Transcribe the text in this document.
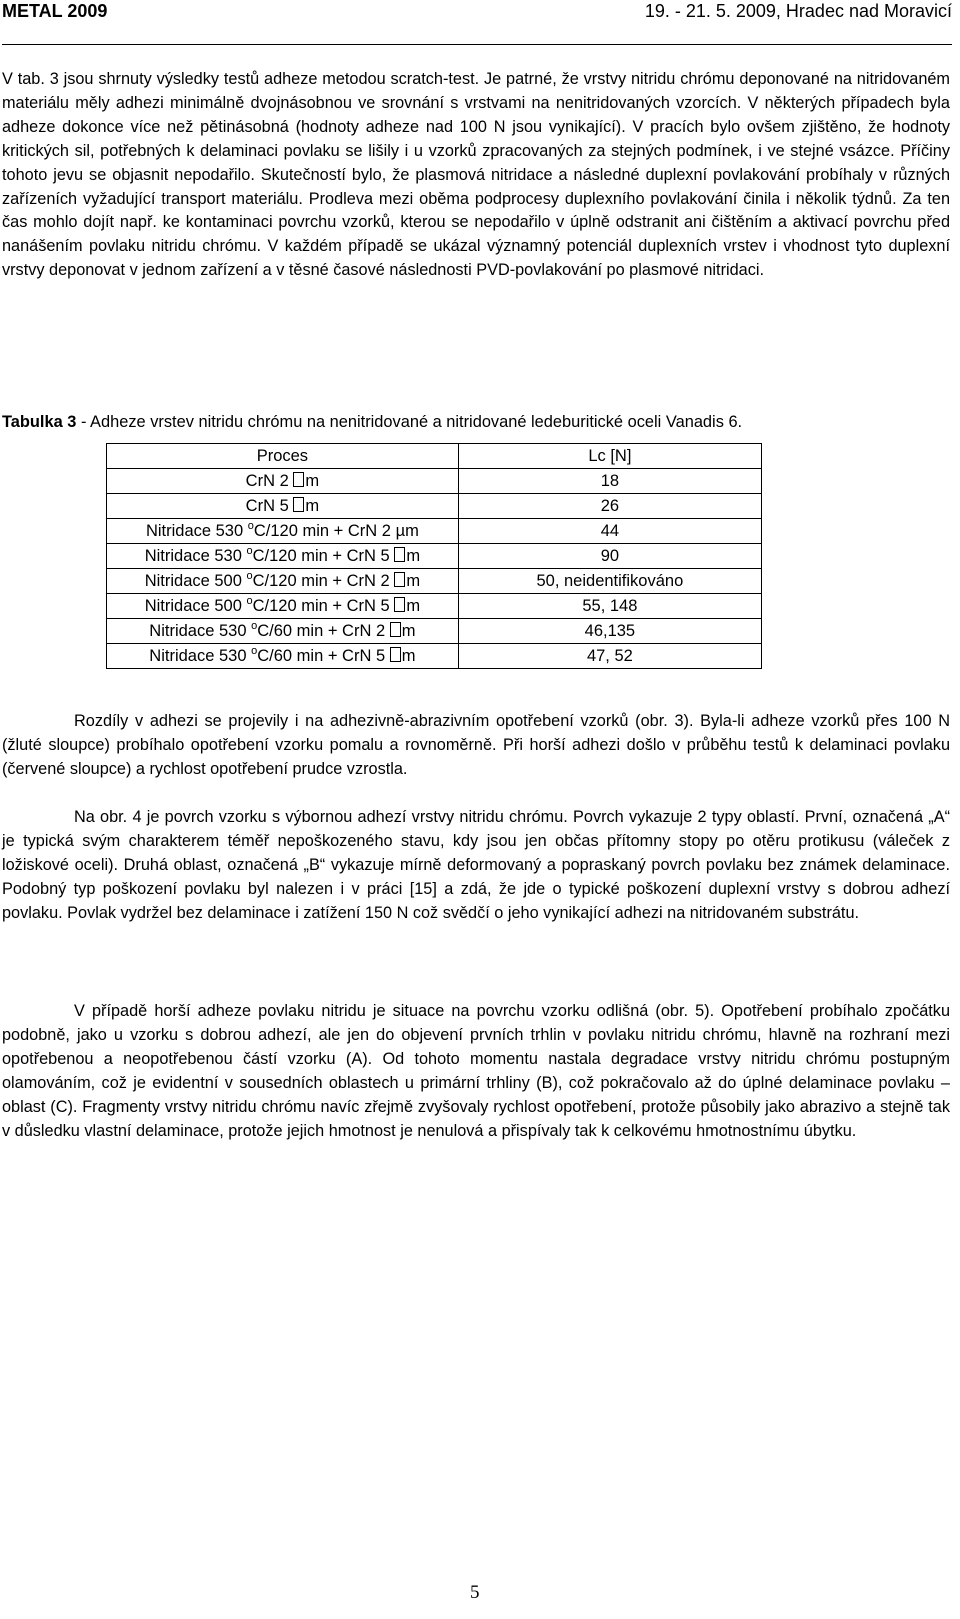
METAL 2009	19. - 21. 5. 2009, Hradec nad Moravicí

V tab. 3 jsou shrnuty výsledky testů adheze metodou scratch-test. Je patrné, že vrstvy nitridu chrómu deponované na nitridovaném materiálu měly adhezi minimálně dvojnásobnou ve srovnání s vrstvami na nenitridovaných vzorcích. V některých případech byla adheze dokonce více než pětinásobná (hodnoty adheze nad 100 N jsou vynikající). V pracích bylo ovšem zjištěno, že hodnoty kritických sil, potřebných k delaminaci povlaku se lišily i u vzorků zpracovaných za stejných podmínek, i ve stejné vsázce. Příčiny tohoto jevu se objasnit nepodařilo. Skutečností bylo, že plasmová nitridace a následné duplexní povlakování probíhaly v různých zařízeních vyžadující transport materiálu. Prodleva mezi oběma podprocesy duplexního povlakování činila i několik týdnů. Za ten čas mohlo dojít např. ke kontaminaci povrchu vzorků, kterou se nepodařilo v úplně odstranit ani čištěním a aktivací povrchu před nanášením povlaku nitridu chrómu. V každém případě se ukázal významný potenciál duplexních vrstev i vhodnost tyto duplexní vrstvy deponovat v jednom zařízení a v těsné časové následnosti PVD-povlakování po plasmové nitridaci.

Tabulka 3 - Adheze vrstev nitridu chrómu na nenitridované a nitridované ledeburitické oceli Vanadis 6.
Proces	Lc [N]
CrN 2 m	18
CrN 5 m	26
Nitridace 530 $^o$C/120 min + CrN 2 µm	44
Nitridace 530 $^o$C/120 min + CrN 5 m	90
Nitridace 500 $^o$C/120 min + CrN 2 m	50, neidentifikováno
Nitridace 500 $^o$C/120 min + CrN 5 m	55, 148
Nitridace 530 $^o$C/60 min + CrN 2 m	46,135
Nitridace 530 $^o$C/60 min + CrN 5 m	47, 52

Rozdíly v adhezi se projevily i na adhezivně-abrazivním opotřebení vzorků (obr. 3). Byla-li adheze vzorků přes 100 N (žluté sloupce) probíhalo opotřebení vzorku pomalu a rovnoměrně. Při horší adhezi došlo v průběhu testů k delaminaci povlaku (červené sloupce) a rychlost opotřebení prudce vzrostla.

Na obr. 4 je povrch vzorku s výbornou adhezí vrstvy nitridu chrómu. Povrch vykazuje 2 typy oblastí. První, označená „A“ je typická svým charakterem téměř nepoškozeného stavu, kdy jsou jen občas přítomny stopy po otěru protikusu (váleček z ložiskové oceli). Druhá oblast, označená „B“ vykazuje mírně deformovaný a popraskaný povrch povlaku bez známek delaminace. Podobný typ poškození povlaku byl nalezen i v práci [15] a zdá, že jde o typické poškození duplexní vrstvy s dobrou adhezí povlaku. Povlak vydržel bez delaminace i zatížení 150 N což svědčí o jeho vynikající adhezi na nitridovaném substrátu.

V případě horší adheze povlaku nitridu je situace na povrchu vzorku odlišná (obr. 5). Opotřebení probíhalo zpočátku podobně, jako u vzorku s dobrou adhezí, ale jen do objevení prvních trhlin v povlaku nitridu chrómu, hlavně na rozhraní mezi opotřebenou a neopotřebenou částí vzorku (A). Od tohoto momentu nastala degradace vrstvy nitridu chrómu postupným olamováním, což je evidentní v sousedních oblastech u primární trhliny (B), což pokračovalo až do úplné delaminace povlaku – oblast (C). Fragmenty vrstvy nitridu chrómu navíc zřejmě zvyšovaly rychlost opotřebení, protože působily jako abrazivo a stejně tak v důsledku vlastní delaminace, protože jejich hmotnost je nenulová a přispívaly tak k celkovému hmotnostnímu úbytku.

5
